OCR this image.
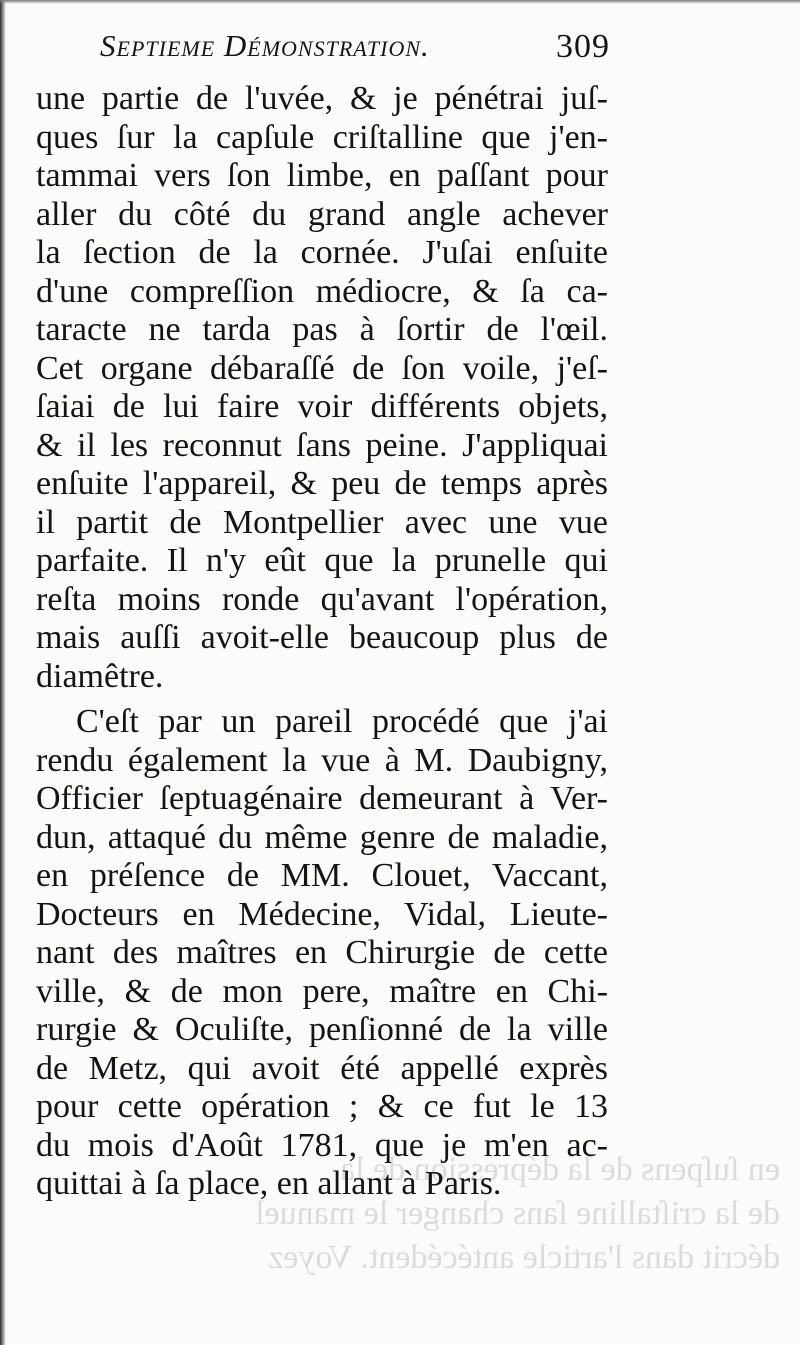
en ſuſpens de la dépression de la
de la criſtalline ſans changer le manuel
décrit dans l'article antécédent. Voyez
Septieme Démonstration.	309
une partie de l'uvée, & je pénétrai juſ-
ques ſur la capſule criſtalline que j'en-
tammai vers ſon limbe, en paſſant pour
aller du côté du grand angle achever
la ſection de la cornée. J'uſai enſuite
d'une compreſſion médiocre, & ſa ca-
taracte ne tarda pas à ſortir de l'œil.
Cet organe débaraſſé de ſon voile, j'eſ-
ſaiai de lui faire voir différents objets,
& il les reconnut ſans peine. J'appliquai
enſuite l'appareil, & peu de temps après
il partit de Montpellier avec une vue
parfaite. Il n'y eût que la prunelle qui
reſta moins ronde qu'avant l'opération,
mais auſſi avoit-elle beaucoup plus de
diamêtre.
C'eſt par un pareil procédé que j'ai
rendu également la vue à M. Daubigny,
Officier ſeptuagénaire demeurant à Ver-
dun, attaqué du même genre de maladie,
en préſence de MM. Clouet, Vaccant,
Docteurs en Médecine, Vidal, Lieute-
nant des maîtres en Chirurgie de cette
ville, & de mon pere, maître en Chi-
rurgie & Oculiſte, penſionné de la ville
de Metz, qui avoit été appellé exprès
pour cette opération ; & ce fut le 13
du mois d'Août 1781, que je m'en ac-
quittai à ſa place, en allant à Paris.
